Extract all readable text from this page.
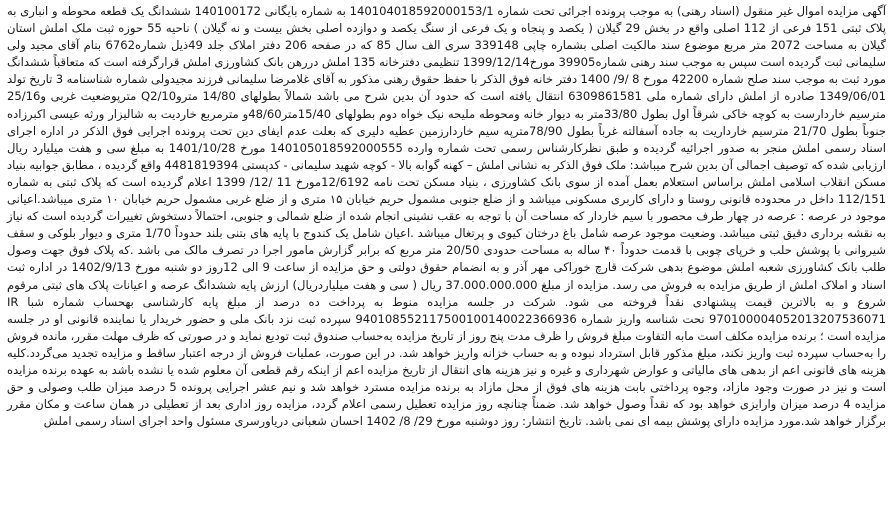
آگهی مزایده اموال غیر منقول (اسناد رهنی) به موجب پرونده اجرائی تحت شماره 14010401859200015​3/1 به شماره بایگانی 140100172 ششدانگ یک قطعه محوطه و انباری به پلاک ثبتی 151 فرعی از 112 اصلی واقع در بخش 29 گیلان ( یکصد و پنجاه و یک فرعی از سنگ یکصد و دوازده اصلی بخش بیست و نه گیلان ) ناحیه 55 حوزه ثبت ملک املش استان گیلان به مساحت 2072 متر مربع موضوع سند مالکیت اصلی بشماره چاپی 339148 سری الف سال 85 که در صفحه 206 دفتر املاک جلد 49ذیل شماره6762 بنام آقای مجید ولی سلیمانی ثبت گردیده است سپس به موجب سند رهنی شماره39905 مورخ1399/12/14 تنظیمی دفترخانه 135 املش دررهن بانک کشاورزی املش قرارگرفته است که متعاقباً ششدانگ مورد ثبت به موجب سند صلح شماره 42200 مورخ 8 /9/ 1400 دفتر خانه فوق الذکر با حفظ حقوق رهنی مذکور به آقای غلامرضا سلیمانی فرزند مجیدولی شماره شناسنامه 3 تاریخ تولد 1349/06/01 صادره از املش دارای شماره ملی 6309861581 انتقال یافته است که حدود آن بدین شرح می باشد شمالاً بطولهای 14/80 متروQ2/10 مترپوضعیت غربی و25/16 مترسیم خاردارست به کوچه خاکی شرقاً اول بطول 33/80متر به دیوار خانه ومحوطه ملیحه نیک خواه دوم بطولهای 15/40متر48/60و مترمربع خاردیت به شالیزار ورثه عیسی اکبرزاده جنوباً بطول 21/70 مترسیم خارداریت به جاده آسفالته غرباً بطول 78/90مترپه سیم خاردارزمین عطیه دلیری که بعلت عدم ایفای دین تحت پرونده اجرایی فوق الذکر در اداره اجرای اسناد رسمی املش منجر به صدور اجرائیه گردیده و طبق نظرکارشناس رسمی تحت شماره وارده 14010501859200055​5 مورخ 1401/10/28 به مبلغ سی و هفت میلیارد ریال ارزیابی شده که توصیف اجمالی آن بدین شرح میباشد: ملک فوق الذکر به نشانی املش – کهنه گوابه بالا - کوچه شهید سلیمانی - کدپستی 4481819394 واقع گردیده ، مطابق جوابیه بنیاد مسکن انقلاب اسلامی املش براساس استعلام بعمل آمده از سوی بانک کشاورزی ، بنیاد مسکن تحت نامه 12/6192مورخ 11 /12/ 1399 اعلام گردیده است که پلاک ثبتی به شماره 112/151 داخل در محدوده قانونی روستا و دارای کاربری مسکونی میباشد و از ضلع جنوبی مشمول حریم خیابان ۱۵ متری و از ضلع غربی مشمول حریم خیابان ۱۰ متری میباشد.اعیانی موجود در عرصه : عرصه در چهار طرف محصور با سیم خاردار که مساحت آن با توجه به عقب نشینی انجام شده از ضلع شمالی و جنوبی، احتمالاً دستخوش تغییرات گردیده است که نیاز به نقشه برداری دقیق ثبتی میباشد. وضعیت موجود عرصه شامل باغ درختان کیوی و پرتغال میباشد .اعیان شامل یک کندوج با پایه های بتنی بلند حدوداً 1/70 متری و دیوار بلوکی و سقف شیروانی با پوشش حلب و خرپای چوبی با قدمت حدوداً ۴۰ ساله به مساحت حدودی 20/50 متر مربع که برابر گزارش مامور اجرا در تصرف مالک می باشد .که پلاک فوق جهت وصول طلب بانک کشاورزی شعبه املش موضوع بدهی شرکت قارچ خوراکی مهر آذر و به انضمام حقوق دولتی و حق مزایده از ساعت 9 الی 12روز دو شنبه مورخ 1402/9/13 در اداره ثبت اسناد و املاک املش از طریق مزایده به فروش می رسد. مزایده از مبلغ 37.000.000.000 ریال ( سی و هفت میلیاردریال) ارزش پایه ششدانگ عرصه و اعیانات پلاک های ثبتی مرقوم شروع و به بالاترین قیمت پیشنهادی نقداً فروخته می شود. شرکت در جلسه مزایده منوط به پرداخت ده درصد از مبلغ پایه کارشناسی بهحساب شماره شبا IR 970100004052013207536071 تحت شناسه واریز شماره 940108552117500100140022366936 سپرده ثبت نزد بانک ملی و حضور خریدار یا نماینده قانونی او در جلسه مزایده است ؛ برنده مزایده مکلف است مابه التفاوت مبلغ فروش را ظرف مدت پنج روز از تاریخ مزایده به‌حساب صندوق ثبت تودیع نماید و در صورتی که ظرف مهلت مقرر، مانده فروش را به‌حساب سپرده ثبت واریز نکند، مبلغ مذکور قابل استرداد نبوده و به حساب خزانه واریز خواهد شد. در این صورت، عملیات فروش از درجه اعتبار ساقط و مزایده تجدید می‌گردد.کلیه هزینه های قانونی اعم از بدهی های مالیاتی و عوارض شهرداری و غیره و نیز هزینه های انتقال از تاریخ مزایده اعم از اینکه رقم قطعی آن معلوم شده یا نشده باشد به عهده برنده مزایده است و نیز در صورت وجود مازاد، وجوه پرداختی بابت هزینه های فوق از محل مازاد به برنده مزایده مسترد خواهد شد و نیم عشر اجرایی پرونده 5 درصد میزان طلب وصولی و حق مزایده 4 درصد میزان وارایزی خواهد بود که نقداً وصول خواهد شد. ضمناً چنانچه روز مزایده تعطیل رسمی اعلام گردد، مزایده روز اداری بعد از تعطیلی در همان ساعت و مکان مقرر برگزار خواهد شد.مورد مزایده دارای پوشش بیمه ای نمی باشد. تاریخ انتشار: روز دوشنبه مورخ 29/ 8/ 1402 احسان شعبانی دریاورسری مسئول واحد اجرای اسناد رسمی املش
